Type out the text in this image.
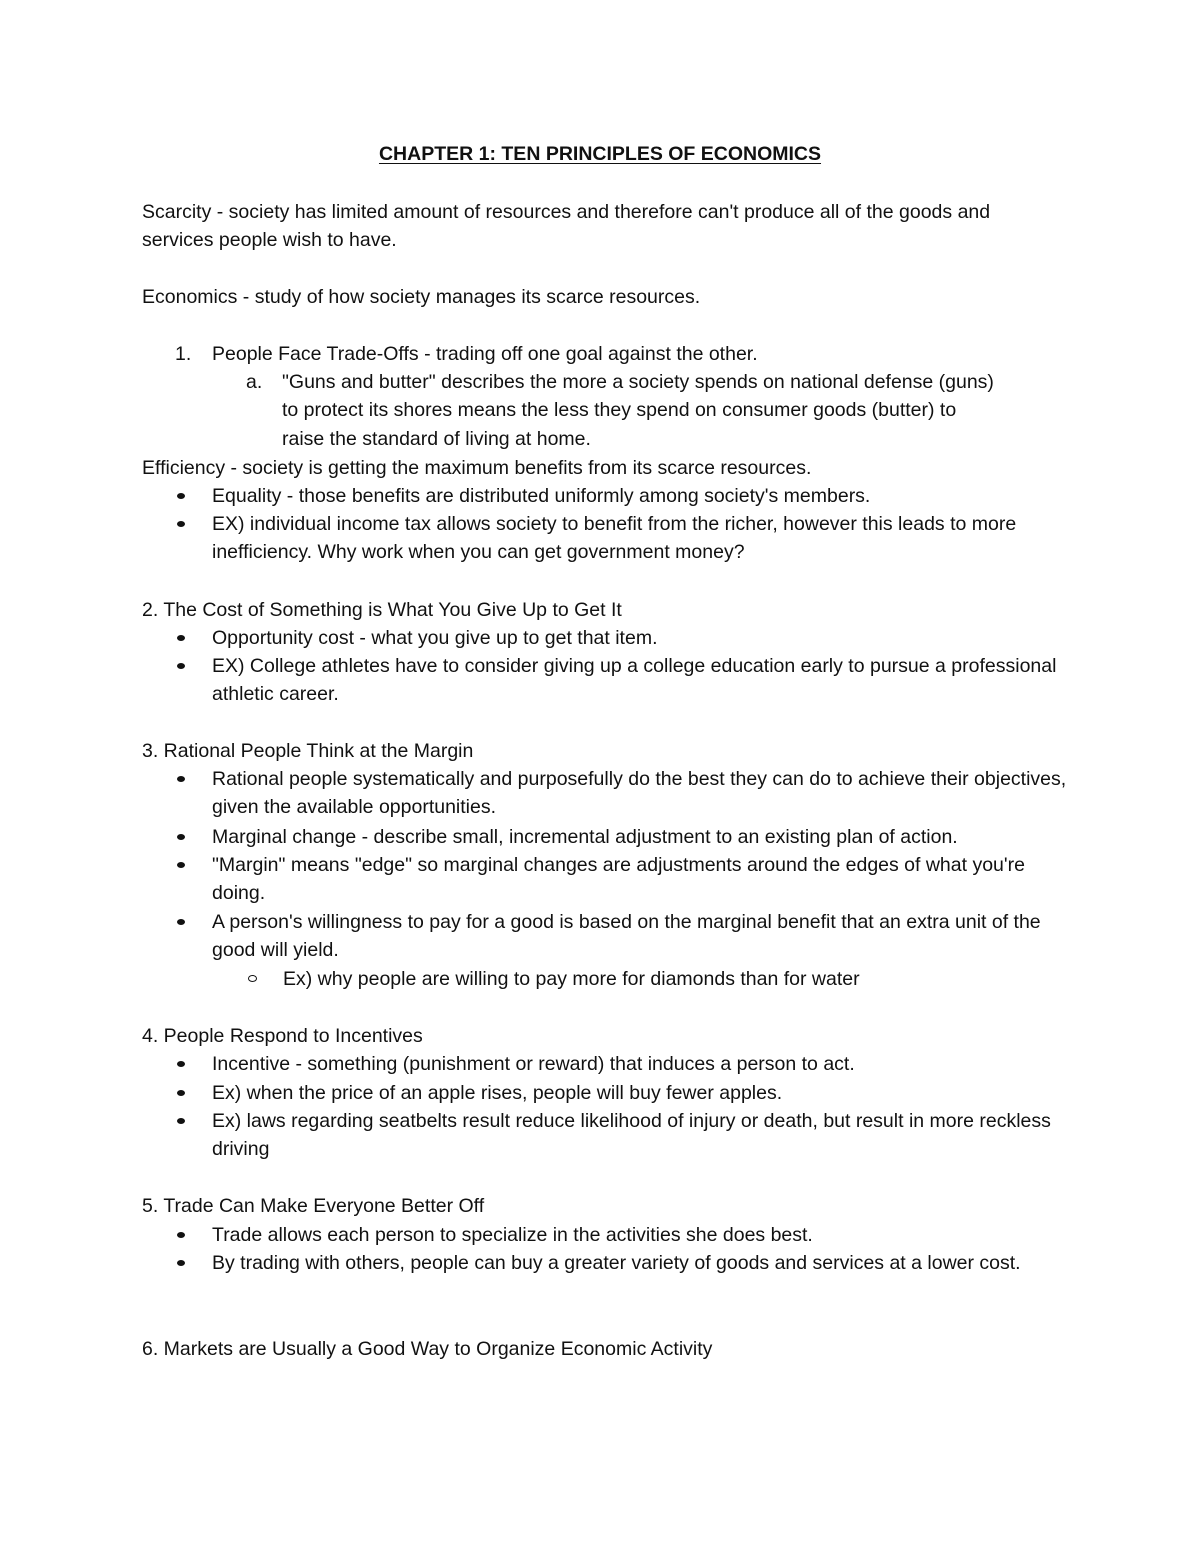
CHAPTER 1: TEN PRINCIPLES OF ECONOMICS
Scarcity - society has limited amount of resources and therefore can't produce all of the goods and services people wish to have.
Economics - study of how society manages its scarce resources.
1. People Face Trade-Offs - trading off one goal against the other.
a. "Guns and butter" describes the more a society spends on national defense (guns) to protect its shores means the less they spend on consumer goods (butter) to raise the standard of living at home.
Efficiency - society is getting the maximum benefits from its scarce resources.
Equality - those benefits are distributed uniformly among society's members.
EX) individual income tax allows society to benefit from the richer, however this leads to more inefficiency. Why work when you can get government money?
2. The Cost of Something is What You Give Up to Get It
Opportunity cost - what you give up to get that item.
EX) College athletes have to consider giving up a college education early to pursue a professional athletic career.
3. Rational People Think at the Margin
Rational people systematically and purposefully do the best they can do to achieve their objectives, given the available opportunities.
Marginal change - describe small, incremental adjustment to an existing plan of action.
"Margin" means "edge" so marginal changes are adjustments around the edges of what you're doing.
A person's willingness to pay for a good is based on the marginal benefit that an extra unit of the good will yield.
Ex) why people are willing to pay more for diamonds than for water
4. People Respond to Incentives
Incentive - something (punishment or reward) that induces a person to act.
Ex) when the price of an apple rises, people will buy fewer apples.
Ex) laws regarding seatbelts result reduce likelihood of injury or death, but result in more reckless driving
5. Trade Can Make Everyone Better Off
Trade allows each person to specialize in the activities she does best.
By trading with others, people can buy a greater variety of goods and services at a lower cost.
6. Markets are Usually a Good Way to Organize Economic Activity
